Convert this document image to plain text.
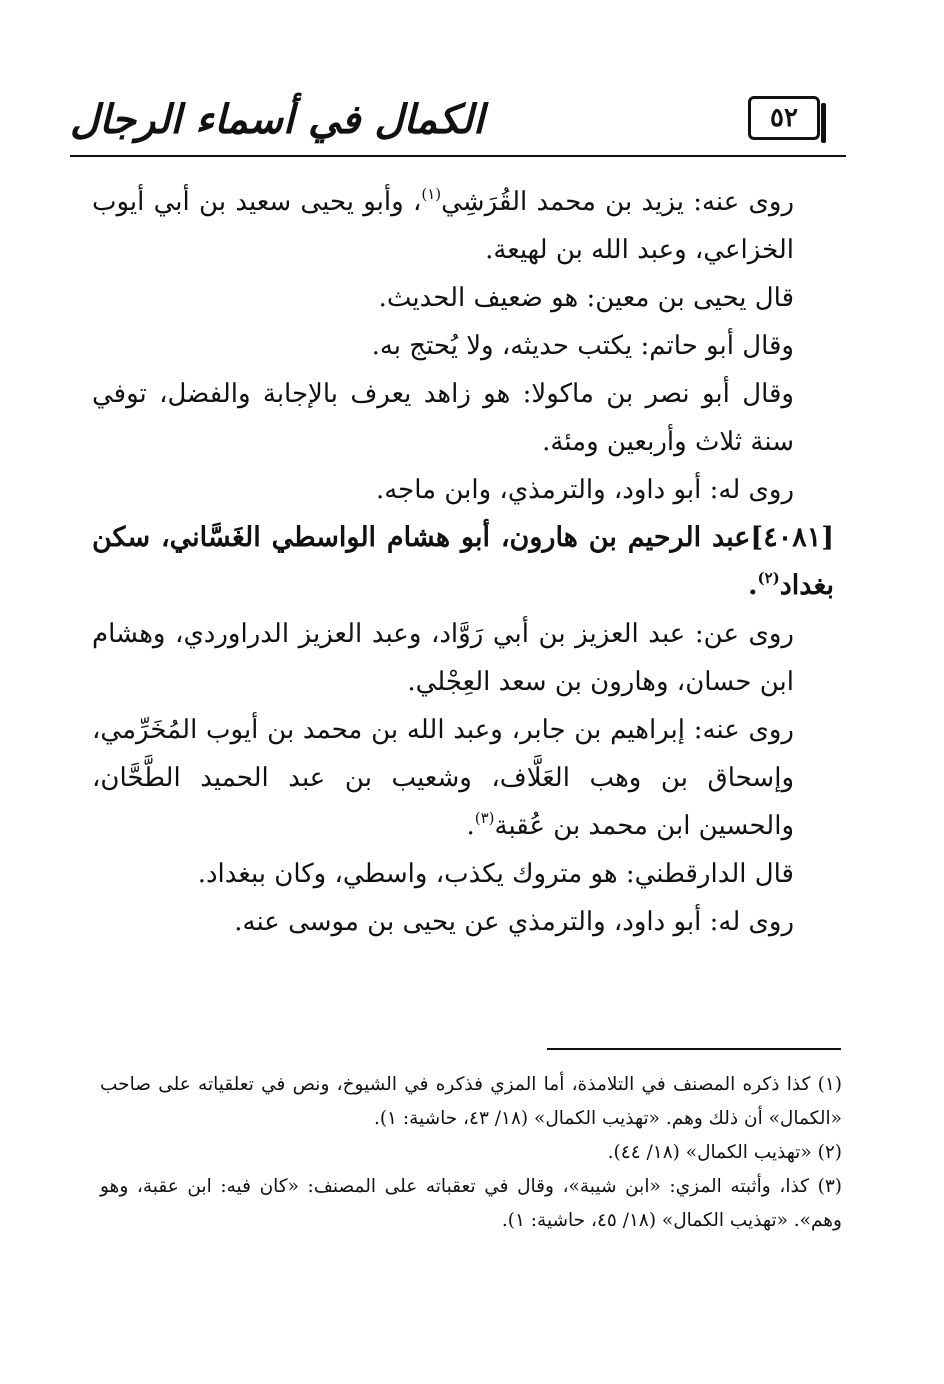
الكمال في أسماء الرجال	٥٢

روى عنه: يزيد بن محمد القُرَشِي$^{(١)}$، وأبو يحيى سعيد بن أبي أيوب الخزاعي، وعبد الله بن لهيعة.

قال يحيى بن معين: هو ضعيف الحديث.

وقال أبو حاتم: يكتب حديثه، ولا يُحتج به.

وقال أبو نصر بن ماكولا: هو زاهد يعرف بالإجابة والفضل، توفي سنة ثلاث وأربعين ومئة.

روى له: أبو داود، والترمذي، وابن ماجه.

[٤٠٨١]عبد الرحيم بن هارون، أبو هشام الواسطي الغَسَّاني، سكن بغداد$^{(٢)}$.

روى عن: عبد العزيز بن أبي رَوَّاد، وعبد العزيز الدراوردي، وهشام ابن حسان، وهارون بن سعد العِجْلي.

روى عنه: إبراهيم بن جابر، وعبد الله بن محمد بن أيوب المُخَرِّمي، وإسحاق بن وهب العَلَّاف، وشعيب بن عبد الحميد الطَّحَّان، والحسين ابن محمد بن عُقبة$^{(٣)}$.

قال الدارقطني: هو متروك يكذب، واسطي، وكان ببغداد.

روى له: أبو داود، والترمذي عن يحيى بن موسى عنه.

(١) كذا ذكره المصنف في التلامذة، أما المزي فذكره في الشيوخ، ونص في تعلقياته على صاحب «الكمال» أن ذلك وهم. «تهذيب الكمال» (١٨/ ٤٣، حاشية: ١).

(٢) «تهذيب الكمال» (١٨/ ٤٤).

(٣) كذا، وأثبته المزي: «ابن شيبة»، وقال في تعقباته على المصنف: «كان فيه: ابن عقبة، وهو وهم». «تهذيب الكمال» (١٨/ ٤٥، حاشية: ١).
